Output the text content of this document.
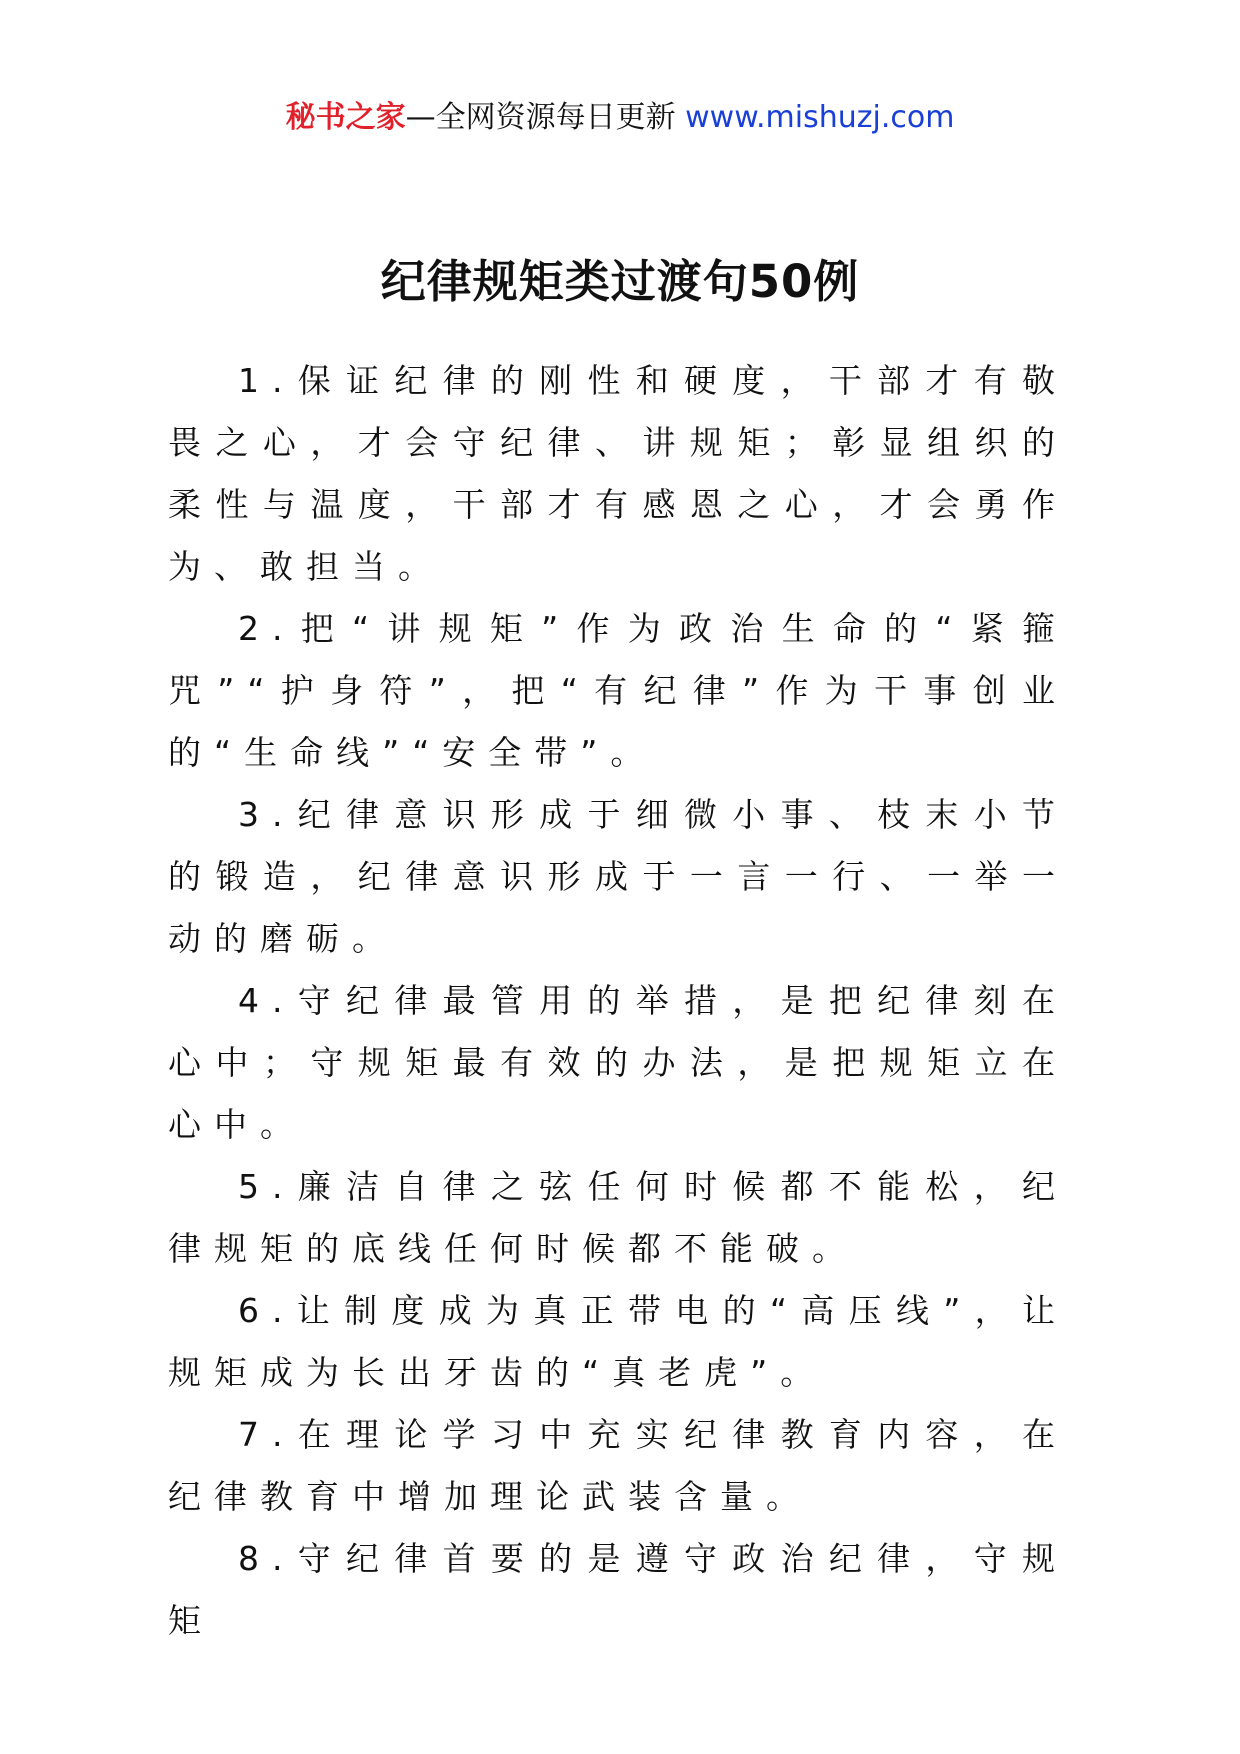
秘书之家—全网资源每日更新 www.mishuzj.com
纪律规矩类过渡句50例

1.保证纪律的刚性和硬度，干部才有敬畏之心，才会守纪律、讲规矩；彰显组织的柔性与温度，干部才有感恩之心，才会勇作为、敢担当。

2.把“讲规矩”作为政治生命的“紧箍咒”“护身符”，把“有纪律”作为干事创业的“生命线”“安全带”。

3.纪律意识形成于细微小事、枝末小节的锻造，纪律意识形成于一言一行、一举一动的磨砺。

4.守纪律最管用的举措，是把纪律刻在心中；守规矩最有效的办法，是把规矩立在心中。

5.廉洁自律之弦任何时候都不能松，纪律规矩的底线任何时候都不能破。

6.让制度成为真正带电的“高压线”，让规矩成为长出牙齿的“真老虎”。

7.在理论学习中充实纪律教育内容，在纪律教育中增加理论武装含量。

8.守纪律首要的是遵守政治纪律，守规矩
